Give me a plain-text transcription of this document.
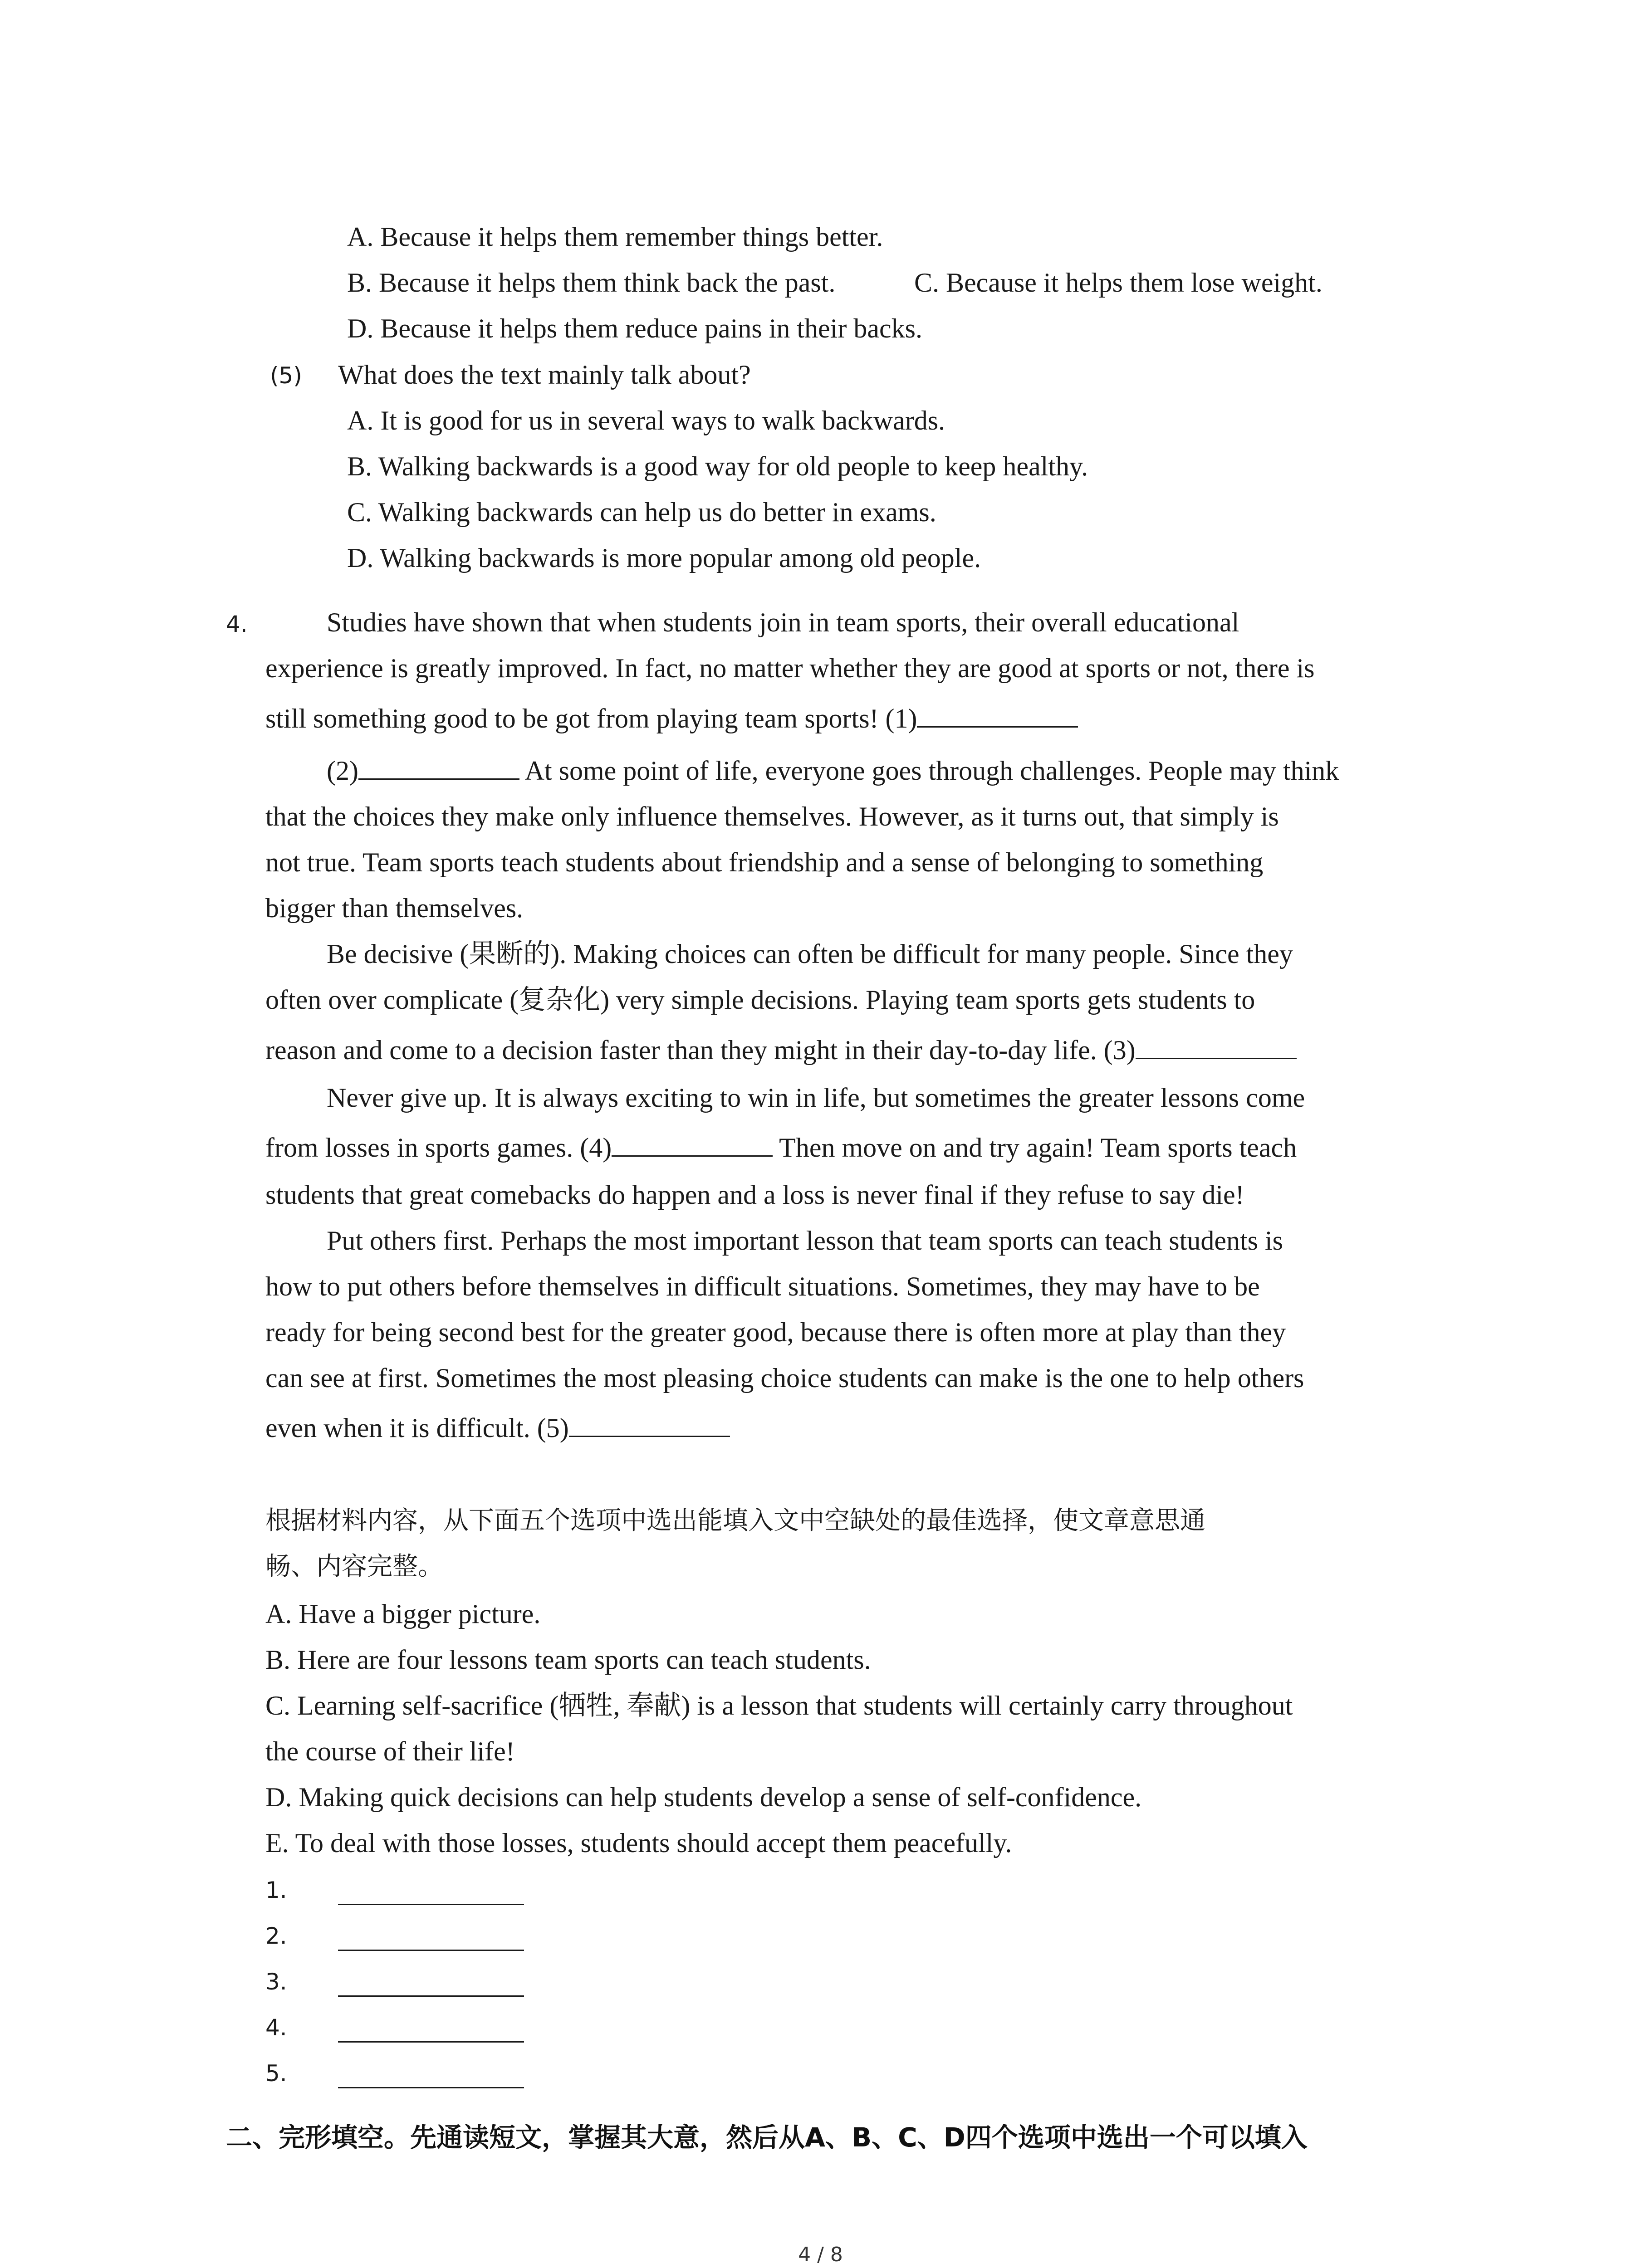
A. Because it helps them remember things better.
B. Because it helps them think back the past.	C. Because it helps them lose weight.
D. Because it helps them reduce pains in their backs.
(5) What does the text mainly talk about?
A. It is good for us in several ways to walk backwards.
B. Walking backwards is a good way for old people to keep healthy.
C. Walking backwards can help us do better in exams.
D. Walking backwards is more popular among old people.
4.	Studies have shown that when students join in team sports, their overall educational
experience is greatly improved. In fact, no matter whether they are good at sports or not, there is
still something good to be got from playing team sports! (1)
(2)	At some point of life, everyone goes through challenges. People may think
that the choices they make only influence themselves. However, as it turns out, that simply is
not true. Team sports teach students about friendship and a sense of belonging to something
bigger than themselves.
Be decisive (果断的). Making choices can often be difficult for many people. Since they
often over complicate (复杂化) very simple decisions. Playing team sports gets students to
reason and come to a decision faster than they might in their day-to-day life. (3)
Never give up. It is always exciting to win in life, but sometimes the greater lessons come
from losses in sports games. (4)	Then move on and try again! Team sports teach
students that great comebacks do happen and a loss is never final if they refuse to say die!
Put others first. Perhaps the most important lesson that team sports can teach students is
how to put others before themselves in difficult situations. Sometimes, they may have to be
ready for being second best for the greater good, because there is often more at play than they
can see at first. Sometimes the most pleasing choice students can make is the one to help others
even when it is difficult. (5)
根据材料内容，从下面五个选项中选出能填入文中空缺处的最佳选择，使文章意思通
畅、内容完整。
A. Have a bigger picture.
B. Here are four lessons team sports can teach students.
C. Learning self-sacrifice (牺牲, 奉献) is a lesson that students will certainly carry throughout
the course of their life!
D. Making quick decisions can help students develop a sense of self-confidence.
E. To deal with those losses, students should accept them peacefully.
1.
2.
3.
4.
5.
二、完形填空。先通读短文，掌握其大意，然后从A、B、C、D四个选项中选出一个可以填入
4 / 8
